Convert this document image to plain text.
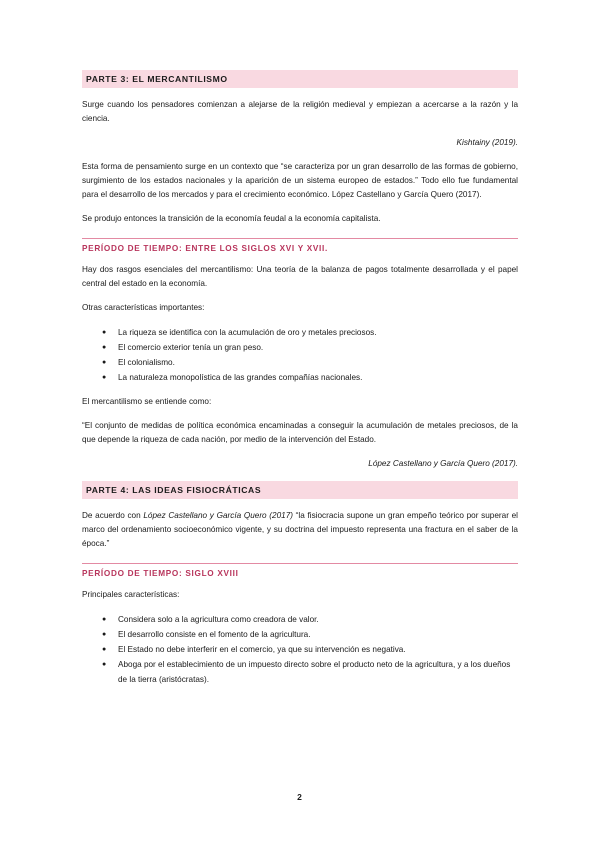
PARTE 3: EL MERCANTILISMO

Surge cuando los pensadores comienzan a alejarse de la religión medieval y empiezan a acercarse a la razón y la ciencia.

Kishtainy (2019).

Esta forma de pensamiento surge en un contexto que “se caracteriza por un gran desarrollo de las formas de gobierno, surgimiento de los estados nacionales y la aparición de un sistema europeo de estados.” Todo ello fue fundamental para el desarrollo de los mercados y para el crecimiento económico. López Castellano y García Quero (2017).

Se produjo entonces la transición de la economía feudal a la economía capitalista.

PERÍODO DE TIEMPO: ENTRE LOS SIGLOS XVI Y XVII.

Hay dos rasgos esenciales del mercantilismo: Una teoría de la balanza de pagos totalmente desarrollada y el papel central del estado en la economía.

Otras características importantes:

● La riqueza se identifica con la acumulación de oro y metales preciosos.
● El comercio exterior tenía un gran peso.
● El colonialismo.
● La naturaleza monopolística de las grandes compañías nacionales.

El mercantilismo se entiende como:

“El conjunto de medidas de política económica encaminadas a conseguir la acumulación de metales preciosos, de la que depende la riqueza de cada nación, por medio de la intervención del Estado.

López Castellano y García Quero (2017).

PARTE 4: LAS IDEAS FISIOCRÁTICAS

De acuerdo con López Castellano y García Quero (2017) “la fisiocracia supone un gran empeño teórico por superar el marco del ordenamiento socioeconómico vigente, y su doctrina del impuesto representa una fractura en el saber de la época.”

PERÍODO DE TIEMPO: SIGLO XVIII

Principales características:

● Considera solo a la agricultura como creadora de valor.
● El desarrollo consiste en el fomento de la agricultura.
● El Estado no debe interferir en el comercio, ya que su intervención es negativa.
● Aboga por el establecimiento de un impuesto directo sobre el producto neto de la agricultura, y a los dueños de la tierra (aristócratas).
2
